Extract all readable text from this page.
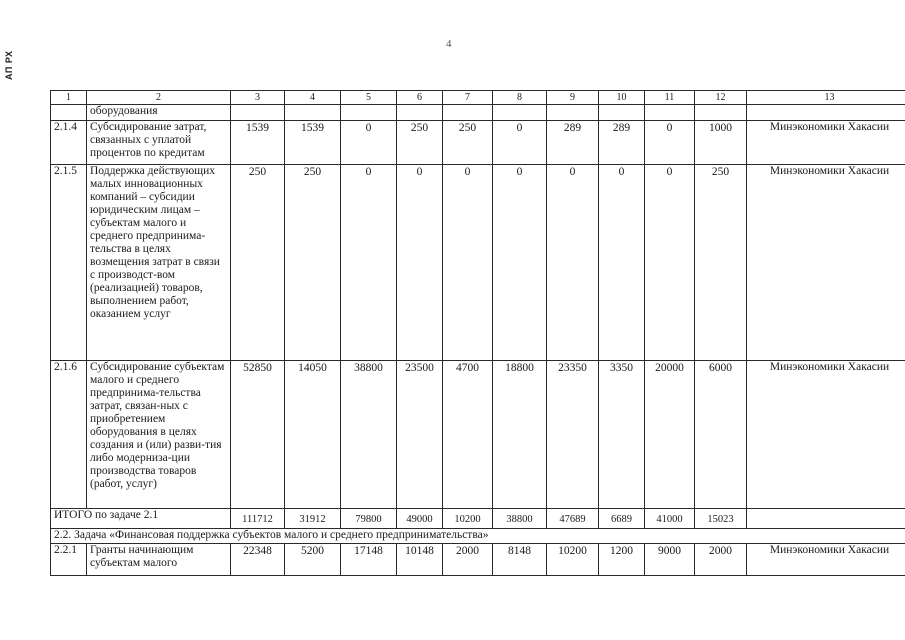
АП РХ
4
1	2	3	4	5	6	7	8	9	10	11	12	13
	оборудования											
2.1.4	Субсидирование затрат, связанных с уплатой процентов по кредитам	1539	1539	0	250	250	0	289	289	0	1000	Минэкономики Хакасии
2.1.5	Поддержка действующих малых инновационных компаний – субсидии юридическим лицам – субъектам малого и среднего предпринима-тельства в целях возмещения затрат в связи с производст-вом (реализацией) товаров, выполнением работ, оказанием услуг	250	250	0	0	0	0	0	0	0	250	Минэкономики Хакасии
2.1.6	Субсидирование субъектам малого и среднего предпринима-тельства затрат, связан-ных с приобретением оборудования в целях создания и (или) разви-тия либо модерниза-ции производства товаров (работ, услуг)	52850	14050	38800	23500	4700	18800	23350	3350	20000	6000	Минэкономики Хакасии
ИТОГО по задаче 2.1		111712	31912	79800	49000	10200	38800	47689	6689	41000	15023	
2.2. Задача «Финансовая поддержка субъектов малого и среднего предпринимательства»												
2.2.1	Гранты начинающим субъектам малого	22348	5200	17148	10148	2000	8148	10200	1200	9000	2000	Минэкономики Хакасии
